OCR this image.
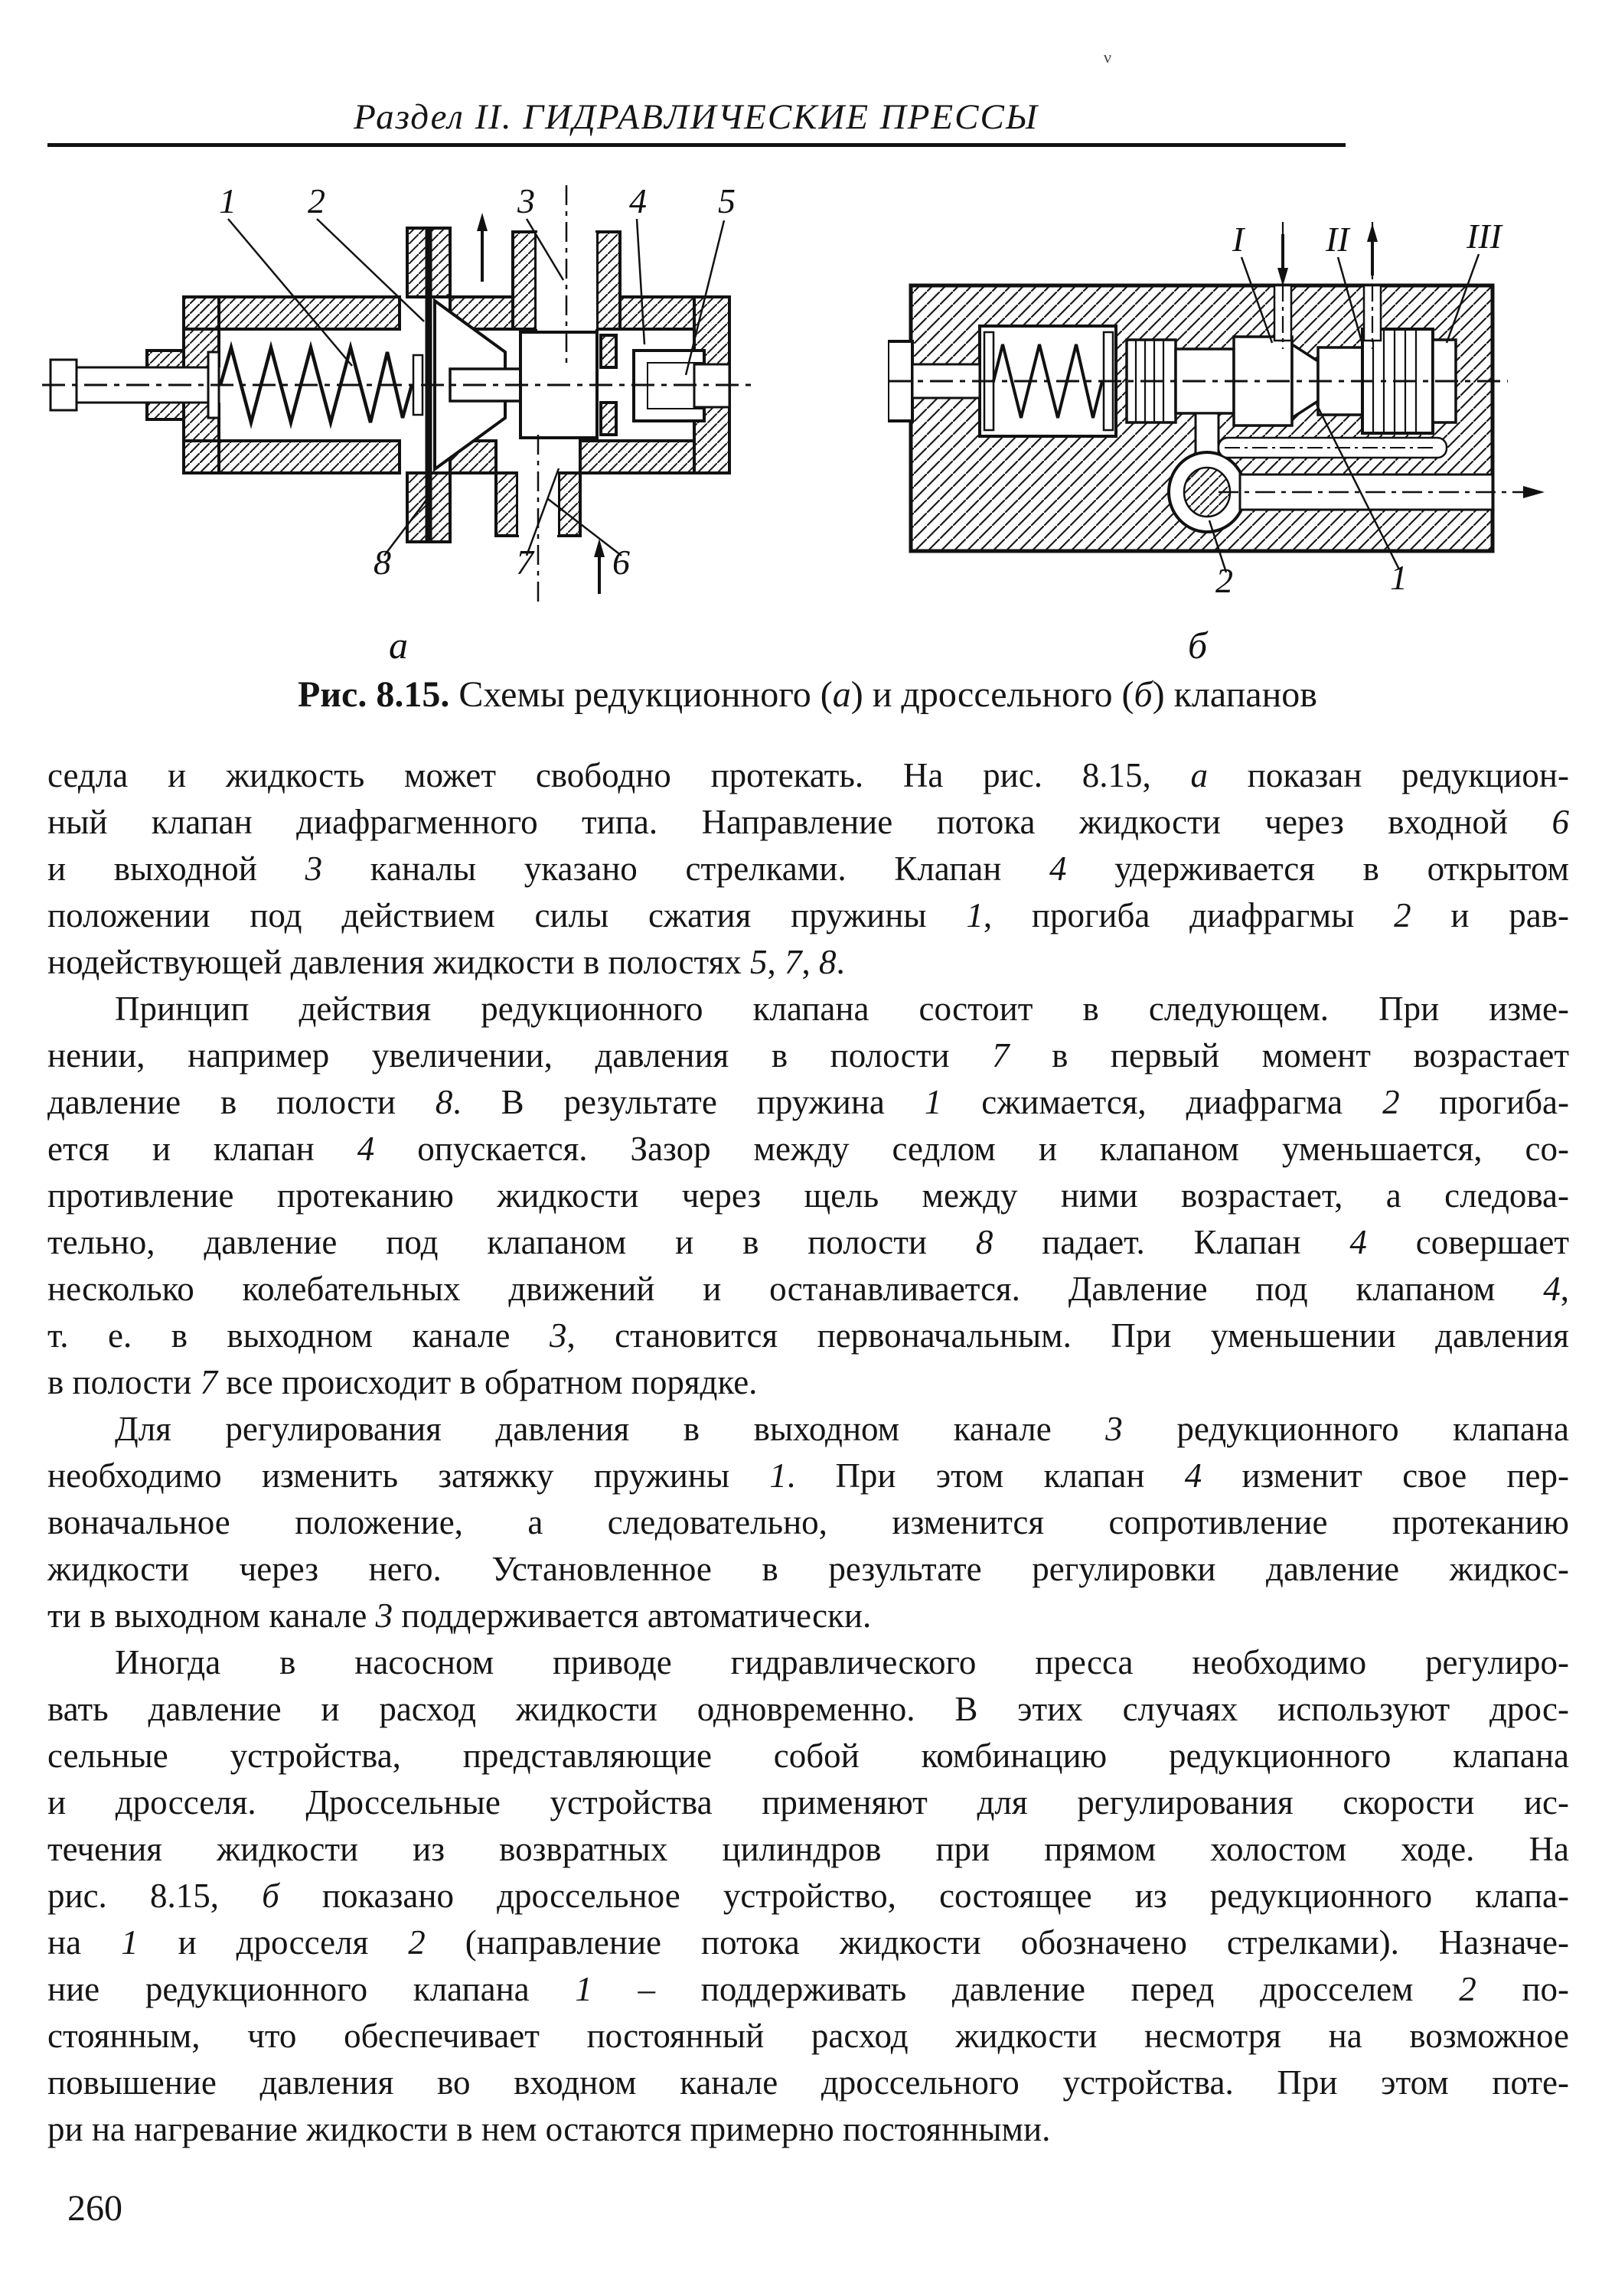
Раздел II. ГИДРАВЛИЧЕСКИЕ ПРЕССЫ
ν
1 2	3	4 5
8	7 6
а
I II	III
2	1
б
Рис. 8.15. Схемы редукционного (а) и дроссельного (б) клапанов
седла и жидкость может свободно протекать. На рис. 8.15, а показан редукцион-
ный клапан диафрагменного типа. Направление потока жидкости через входной 6
и выходной 3 каналы указано стрелками. Клапан 4 удерживается в открытом
положении под действием силы сжатия пружины 1, прогиба диафрагмы 2 и рав-
нодействующей давления жидкости в полостях 5, 7, 8.
Принцип действия редукционного клапана состоит в следующем. При изме-
нении, например увеличении, давления в полости 7 в первый момент возрастает
давление в полости 8. В результате пружина 1 сжимается, диафрагма 2 прогиба-
ется и клапан 4 опускается. Зазор между седлом и клапаном уменьшается, со-
противление протеканию жидкости через щель между ними возрастает, а следова-
тельно, давление под клапаном и в полости 8 падает. Клапан 4 совершает
несколько колебательных движений и останавливается. Давление под клапаном 4,
т. е. в выходном канале 3, становится первоначальным. При уменьшении давления
в полости 7 все происходит в обратном порядке.
Для регулирования давления в выходном канале 3 редукционного клапана
необходимо изменить затяжку пружины 1. При этом клапан 4 изменит свое пер-
воначальное положение, а следовательно, изменится сопротивление протеканию
жидкости через него. Установленное в результате регулировки давление жидкос-
ти в выходном канале 3 поддерживается автоматически.
Иногда в насосном приводе гидравлического пресса необходимо регулиро-
вать давление и расход жидкости одновременно. В этих случаях используют дрос-
сельные устройства, представляющие собой комбинацию редукционного клапана
и дросселя. Дроссельные устройства применяют для регулирования скорости ис-
течения жидкости из возвратных цилиндров при прямом холостом ходе. На
рис. 8.15, б показано дроссельное устройство, состоящее из редукционного клапа-
на 1 и дросселя 2 (направление потока жидкости обозначено стрелками). Назначе-
ние редукционного клапана 1 – поддерживать давление перед дросселем 2 по-
стоянным, что обеспечивает постоянный расход жидкости несмотря на возможное
повышение давления во входном канале дроссельного устройства. При этом поте-
ри на нагревание жидкости в нем остаются примерно постоянными.
260
